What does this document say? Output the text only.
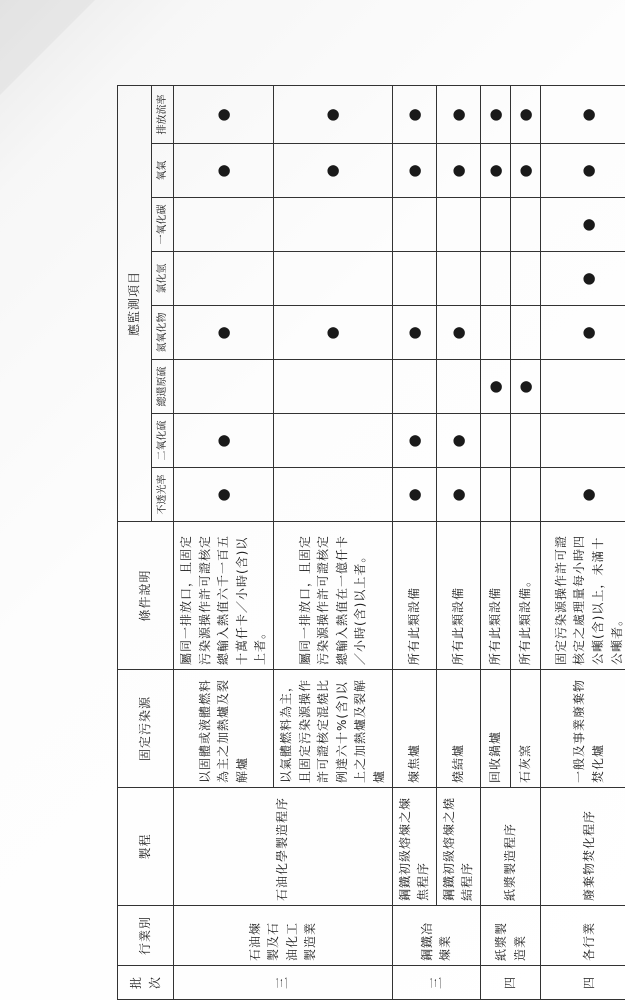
批次	行業別	製程	固定污染源	條件說明	應監測項目							
					不透光率	二氧化硫	總還原硫	氮氧化物	氯化氫	一氧化碳	氧氣	排放流率
三	石油煉製及石油化工製造業	石油化學製造程序	以固體或液體燃料為主之加熱爐及裂解爐	屬同一排放口，且固定污染源操作許可證核定總輸入熱值六千一百五十萬仟卡／小時(含)以上者。	●	●		●			●	●
			以氣體燃料為主，且固定污染源操作許可證核定混燒比例達六十%(含)以上之加熱爐及裂解爐	屬同一排放口，且固定污染源操作許可證核定總輸入熱值在一億仟卡／小時(含)以上者。				●			●	●
三	鋼鐵冶煉業	鋼鐵初級熔煉之煉焦程序	煉焦爐	所有此類設備	●	●		●			●	●
		鋼鐵初級熔煉之燒結程序	燒結爐	所有此類設備	●	●		●			●	●
四	紙漿製造業	紙漿製造程序	回收鍋爐	所有此類設備			●				●	●
			石灰窯	所有此類設備。			●				●	●
四	各行業	廢棄物焚化程序	一般及事業廢棄物焚化爐	固定污染源操作許可證核定之處理量每小時四公噸(含)以上，未滿十公噸者。	●			●	●	●	●	●
